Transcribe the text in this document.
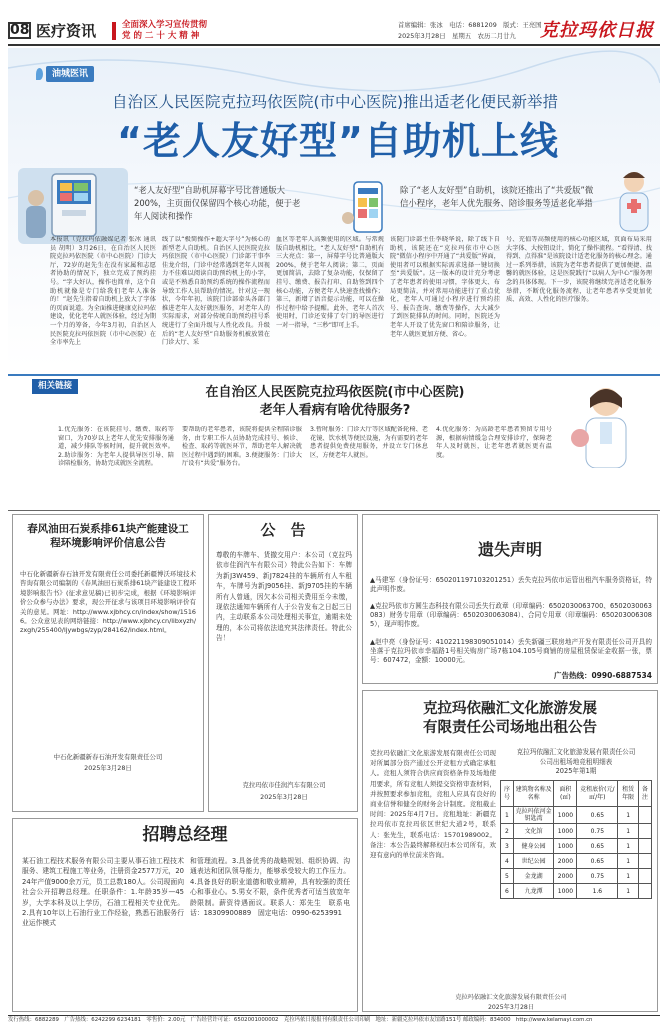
08 医疗资讯	全面深入学习宣传贯彻
党 的 二 十 大 精 神
首席编辑：张冰　电话：6881209　版式：王亮国
2025年3月28日　星期五　农历二月廿九 克拉玛依日报
油城医讯
自治区人民医院克拉玛依医院(市中心医院)推出适老化便民新举措
“老人友好型”自助机上线
“老人友好型”自助机屏幕字号比普通版大200%，主页面仅保留四个核心功能，便于老年人阅读和操作
除了“老人友好型”自助机，该院还推出了“共爱版”微信小程序，老年人优先服务、陪诊服务等适老化举措
本报讯（克拉玛依融媒记者 张冰 通讯员 胡明）3月26日，在自治区人民医院克拉玛依医院（市中心医院）门诊大厅，72岁的赵先生在没有家属和志愿者协助的情况下，独立完成了预约挂号。“字大好认，操作也简单，这个自助机就像是专门给我们老年人准备的！”赵先生指着自助机上放大了字体的页面说道。为全面推进健康克拉玛依建设，优化老年人就医体验，经过为期一个月的筹备，今年3月初，自治区人民医院克拉玛依医院（市中心医院）在全市率先上
线了以“极简操作+超大字号”为核心的新型老人自助机。自治区人民医院克拉玛依医院（市中心医院）门诊部干事李佳龙介绍，门诊中经常遇到老年人因视力不佳难以阅读自助预约机上的小字，或是不熟悉自助预约系统的操作流程而导致工作人员帮助的情况。针对这一现状，今年年初，该院门诊部牵头各部门推进老年人友好就医服务，对老年人的实际需求，对部分传统自助预约挂号系统进行了全面升级与人性化改良。升级后的“老人友好型”自助服务机被放置在门诊大厅、采
血区等老年人高频使用的区域。与常规版自助机相比，“老人友好型”自助机有三大亮点：第一，屏幕字号比普通版大200%，便于老年人阅读；第二，页面更加简洁，去除了复杂功能，仅保留了挂号、缴费、报告打印、自助签到四个核心功能，方便老年人快速查找操作；第三，新增了语音提示功能，可以在操作过程中给予提醒。此外，老年人首次使用时，门诊还安排了专门的导医进行一对一指导，“三秒”即可上手。
该院门诊部主任李晓华说，除了线下自助机，该院还在“克拉玛依市中心医院”微信小程序中开通了“共爱版”界面，使用者可以根据实际需求选择一键切换至“共爱版”。这一版本的设计充分考虑了老年患者的使用习惯，字体更大、布局更简洁，并对常用功能进行了重点优化，老年人可通过小程序进行预约挂号、报告查询、缴费等操作，大大减少了到医院排队的时间。同时，医院还为老年人开设了优先窗口和陪诊服务，让老年人就医更加方便、省心。
号、充值等高频使用的核心功能区域，页面布局采用大字体、大按钮设计，简化了操作流程。“看得清、找得到、点得准”是该院设计适老化服务的核心理念。通过一系列举措，该院为老年患者提供了更加便捷、温馨的就医体验，这是医院践行“以病人为中心”服务理念的具体体现。下一步，该院将继续完善适老化服务举措，不断优化服务流程，让老年患者享受更加优质、高效、人性化的医疗服务。
相关链接	在自治区人民医院克拉玛依医院(市中心医院)
老年人看病有啥优待服务?
1.优先服务：在该院挂号、缴费、取药等窗口，为70岁以上老年人优先安排服务通道，减少排队等候时间，提升就医效率。2.助诊服务：为老年人提供导医引导、陪诊陪检服务，协助完成就医全流程。
要帮助的老年患者，该院将提供全程陪诊服务，由专职工作人员协助完成挂号、候诊、检查、取药等就医环节，帮助老年人解决就医过程中遇到的困难。3.便捷服务：门诊大厅设有“共爱”服务台。
3.暂时服务：门诊大厅等区域配备轮椅、老花镜、饮水机等便民设施，为有需要的老年患者提供免费使用服务，并设立专门休息区，方便老年人就医。
4.优化服务：为高龄老年患者预留专用号源，根据病情缓急合理安排诊疗，保障老年人及时就医，让老年患者就医更有温度。
春风油田石炭系排61块产能建设工程环境影响评价信息公告
中石化新疆新春石油开发有限责任公司委托新疆博沃环境技术咨询有限公司编制的《春风油田石炭系排61块产能建设工程环境影响报告书》(征求意见稿)已初步完成，根据《环境影响评价公众参与办法》要求，现公开征求与该项目环境影响评价有关的意见。网址：http://www.xjbhcy.cn/index/show/15166。公众意见表的网络链接：http://www.xjbhcy.cn/libxyzh/zxgh/255400/ljywbgs/zyp/284162/index.html。
中石化新疆新春石油开发有限责任公司
2025年3月28日
公　告
尊敬的车牌车、货撤交用户：本公司（克拉玛依市佳润汽车有限公司）特此公告如下：车牌为新J3W459、新J7824挂的车辆所有人车租车，车牌号为新J9056挂、新J9705挂的车辆所有人曾通，因欠本公司相关费用至今未缴，现依法通知车辆所有人于公告发布之日起三日内，主动联系本公司处理相关事宜，逾期未处理的，本公司将依法追究其法律责任。特此公告！
克拉玛依市佳润汽车有限公司
2025年3月28日
遗失声明
▲马建军（身份证号：650201197103201251）丢失克拉玛依市运管出租汽车服务资格证，特此声明作废。
▲克拉玛依市方圆生态科技有限公司丢失行政章（印章编码：6502030063700、6502030063083）财务专用章（印章编码：6502030063084）、合同专用章（印章编码：6502030063085），现声明作废。
▲赵中亮（身份证号：410221198309051014）丢失新疆三联房地产开发有限责任公司开具的坐落于克拉玛依市幸福路1号相关购房广场7栋104.105号商铺的房屋租赁保证金收据一张，票号：607472，金额：10000元。
广告热线：0990-6887534
招聘总经理
某石油工程技术服务有限公司主要从事石油工程技术服务、建筑工程施工等业务，注册资金2577万元，2024年产值9000余万元，员工总数180人。公司现面向社会公开招聘总经理。任职条件：1.年龄35岁—45岁，大学本科及以上学历，石油工程相关专业优先。2.具有10年以上石油行业工作经验，熟悉石油服务行业运作模式
和管理流程。3.具备优秀的战略规划、组织协调、沟通表达和团队领导能力，能够承受较大的工作压力。4.具备良好的职业道德和敬业精神，具有较强的责任心和事业心。5.男女不限，条件优秀者可适当放宽年龄限制。薪资待遇面议。联系人：郑先生　联系电话：18309900889　固定电话：0990-6253991
克拉玛依融汇文化旅游发展
有限责任公司场地出租公告
克拉玛依融汇文化旅游发展有限责任公司现对所属部分资产通过公开竞租方式确定承租人。竞租人须符合供应商资格条件及场地使用要求，所有竞租人须提交资格审查材料，并按照要求参加竞租，竞租人应具有良好的商业信誉和健全的财务会计制度。竞租截止时间：2025年4月7日。竞租地址：新疆克拉玛依市克拉玛依区世纪大道2号，联系人：张先生，联系电话：15701989002。备注：本公告最终解释权归本公司所有，欢迎有意向的单位前来咨询。
克拉玛依融汇文化旅游发展有限责任公司
公司出租场地竞租明细表
2025年第1期
序号	建筑物名称及名称	面积(㎡)	竞租底价(元/㎡/年)	租赁年限	备注
1	克拉玛依河金钥匙湾	1000	0.65	1	
2	文化馆	1000	0.75	1	
3	健身公园	1000	0.65	1	
4	世纪公园	2000	0.65	1	
5	金龙湖	2000	0.75	1	
6	九龙潭	1000	1.6	1	
克拉玛依融汇文化旅游发展有限责任公司
2025年3月28日
发行热线：6882289　广告热线：6242299 6234181　零售价：2.00元　广告经营许可证：6502001000002　克拉玛依日报报刊有限责任公司印刷　地址：新疆克拉玛依市友谊路151号 邮政编码：834000　http://www.kelamayi.com.cn
